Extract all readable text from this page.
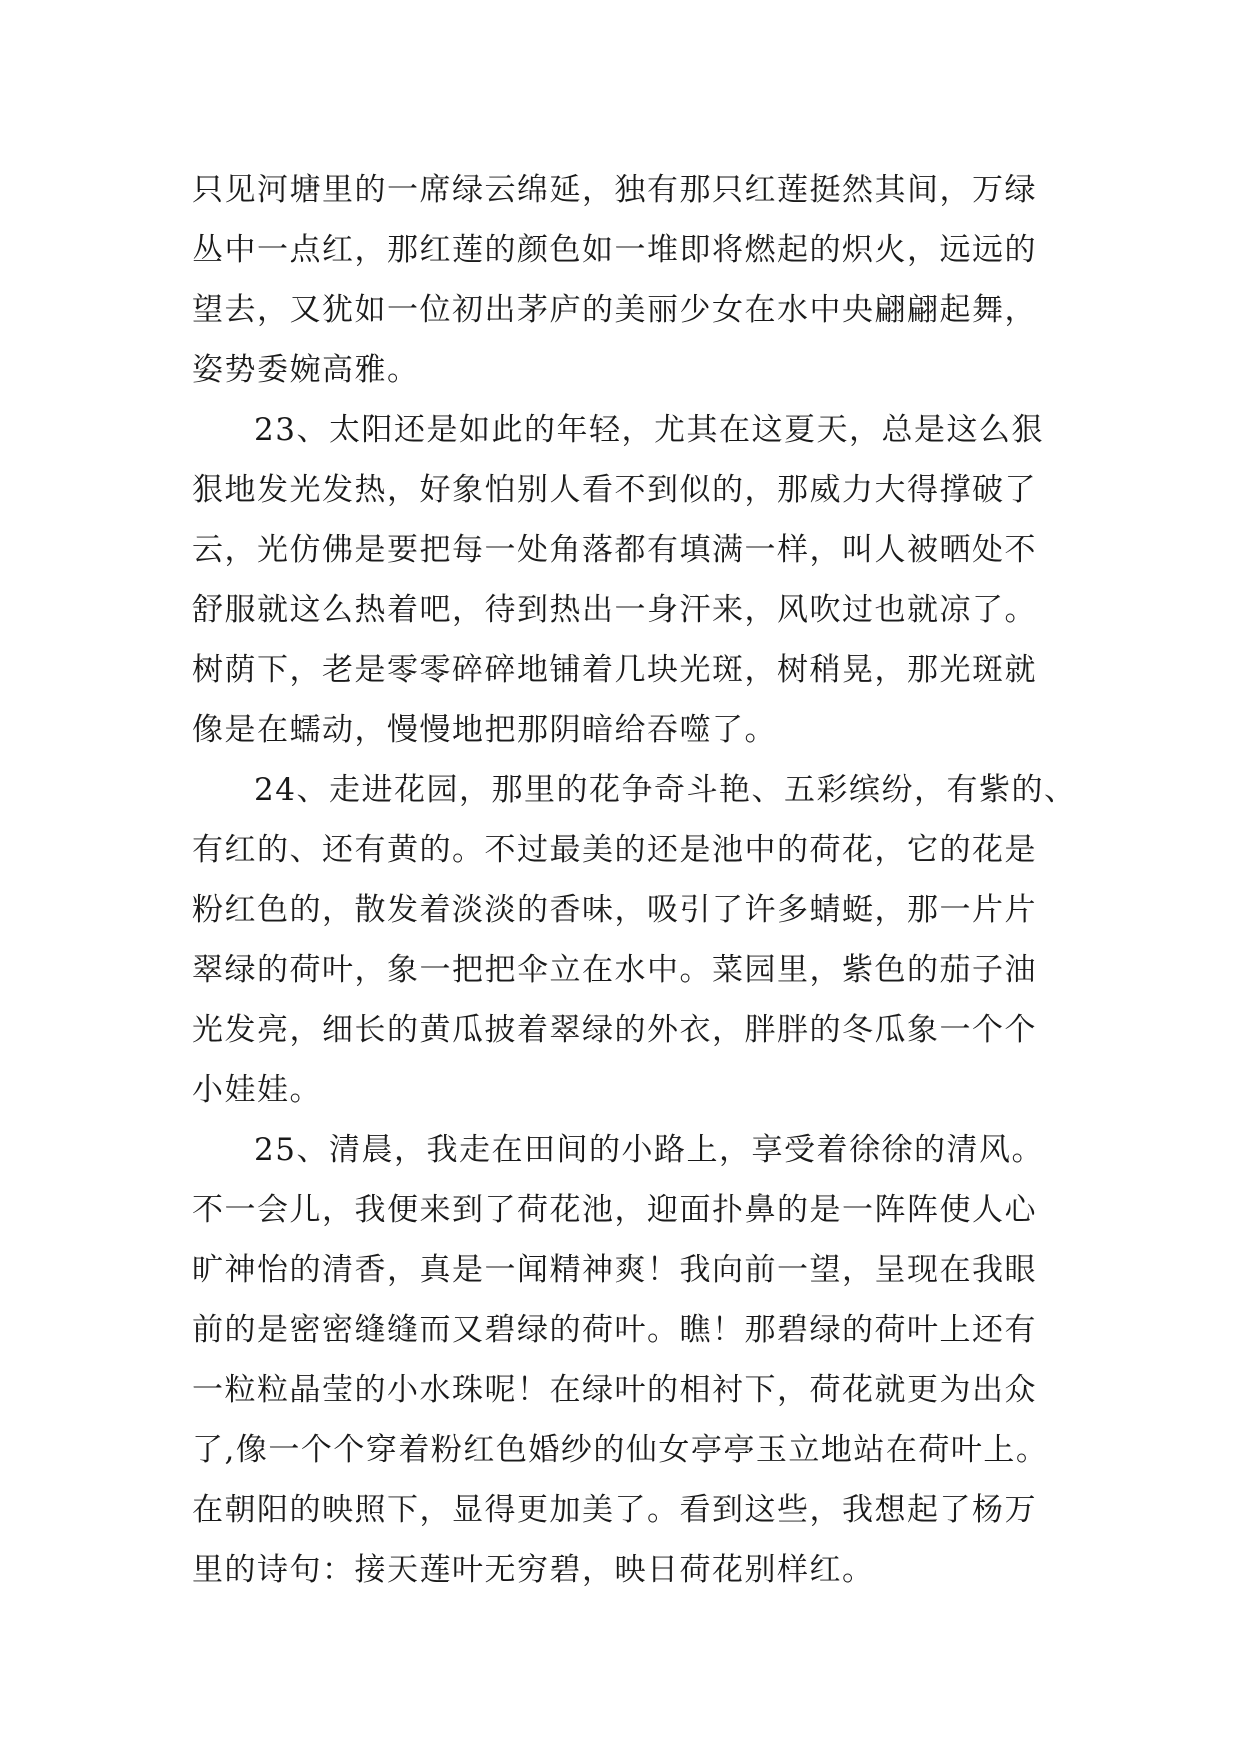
只见河塘里的一席绿云绵延，独有那只红莲挺然其间，万绿
丛中一点红，那红莲的颜色如一堆即将燃起的炽火，远远的
望去，又犹如一位初出茅庐的美丽少女在水中央翩翩起舞，
姿势委婉高雅。
23、太阳还是如此的年轻，尤其在这夏天，总是这么狠
狠地发光发热，好象怕别人看不到似的，那威力大得撑破了
云，光仿佛是要把每一处角落都有填满一样，叫人被晒处不
舒服就这么热着吧，待到热出一身汗来，风吹过也就凉了。
树荫下，老是零零碎碎地铺着几块光斑，树稍晃，那光斑就
像是在蠕动，慢慢地把那阴暗给吞噬了。
24、走进花园，那里的花争奇斗艳、五彩缤纷，有紫的、
有红的、还有黄的。不过最美的还是池中的荷花，它的花是
粉红色的，散发着淡淡的香味，吸引了许多蜻蜓，那一片片
翠绿的荷叶，象一把把伞立在水中。菜园里，紫色的茄子油
光发亮，细长的黄瓜披着翠绿的外衣，胖胖的冬瓜象一个个
小娃娃。
25、清晨，我走在田间的小路上，享受着徐徐的清风。
不一会儿，我便来到了荷花池，迎面扑鼻的是一阵阵使人心
旷神怡的清香，真是一闻精神爽！我向前一望，呈现在我眼
前的是密密缝缝而又碧绿的荷叶。瞧！那碧绿的荷叶上还有
一粒粒晶莹的小水珠呢！在绿叶的相衬下，荷花就更为出众
了,像一个个穿着粉红色婚纱的仙女亭亭玉立地站在荷叶上。
在朝阳的映照下，显得更加美了。看到这些，我想起了杨万
里的诗句：接天莲叶无穷碧，映日荷花别样红。
